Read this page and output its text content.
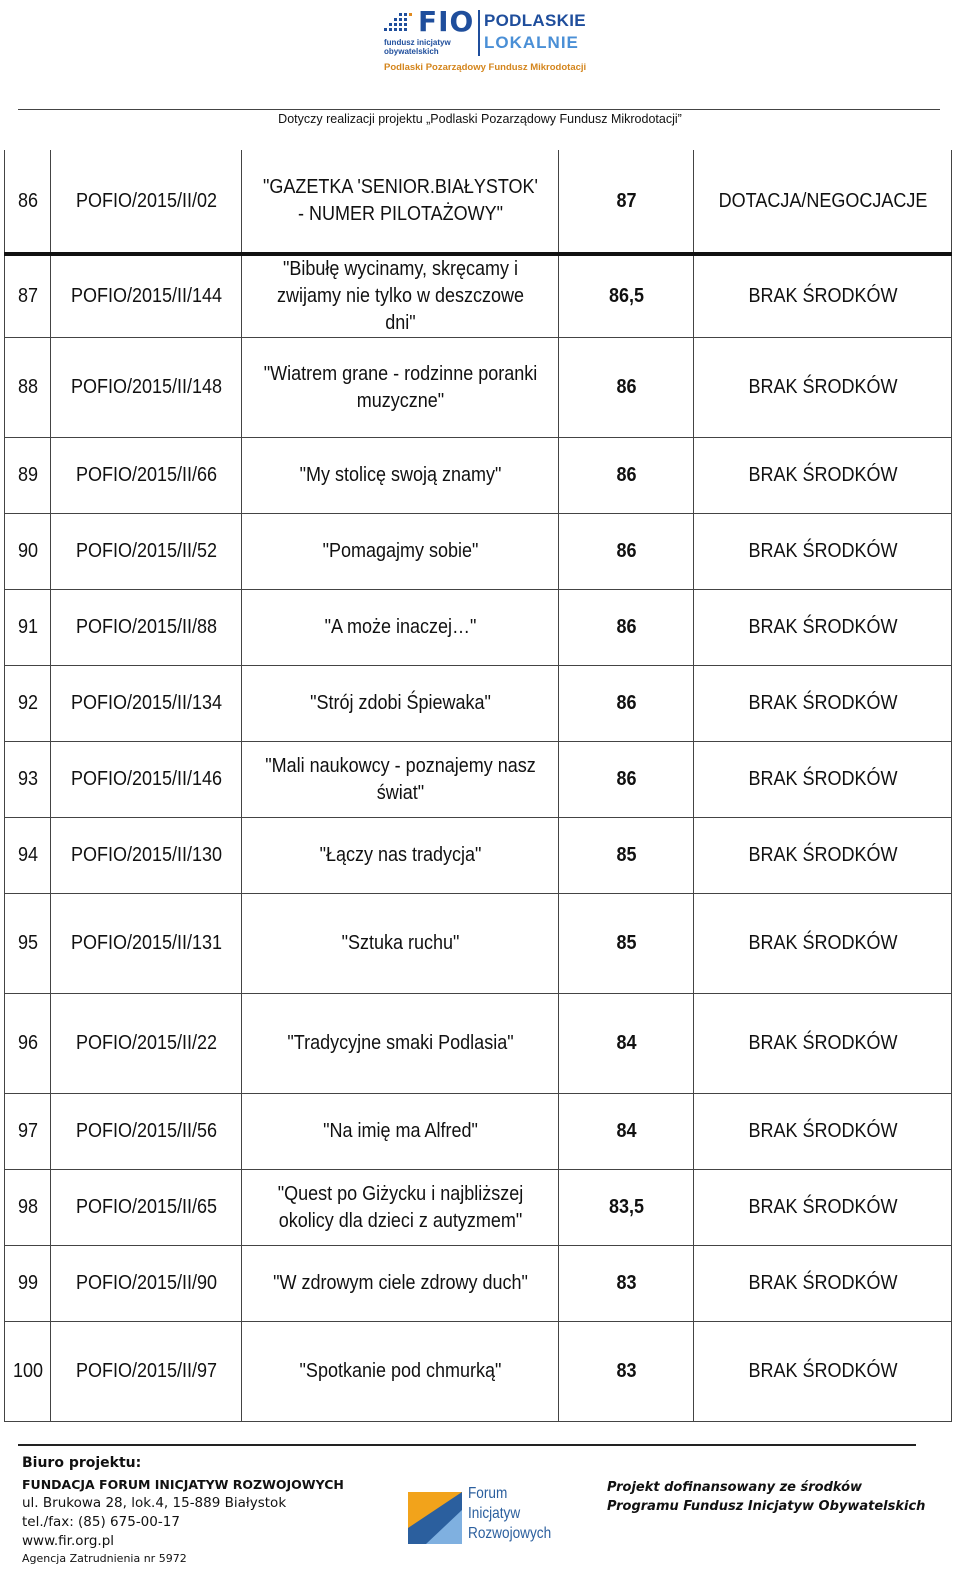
FIO
fundusz inicjatyw
obywatelskich
PODLASKIE
LOKALNIE
Podlaski Pozarządowy Fundusz Mikrodotacji
Dotyczy realizacji projektu „Podlaski Pozarządowy Fundusz Mikrodotacji”
86	POFIO/2015/II/02	"GAZETKA 'SENIOR.BIAŁYSTOK' - NUMER PILOTAŻOWY"	87	DOTACJA/NEGOCJACJE
87	POFIO/2015/II/144	"Bibułę wycinamy, skręcamy i zwijamy nie tylko w deszczowe dni"	86,5	BRAK ŚRODKÓW
88	POFIO/2015/II/148	"Wiatrem grane - rodzinne poranki muzyczne"	86	BRAK ŚRODKÓW
89	POFIO/2015/II/66	"My stolicę swoją znamy"	86	BRAK ŚRODKÓW
90	POFIO/2015/II/52	"Pomagajmy sobie"	86	BRAK ŚRODKÓW
91	POFIO/2015/II/88	"A może inaczej…"	86	BRAK ŚRODKÓW
92	POFIO/2015/II/134	"Strój zdobi Śpiewaka"	86	BRAK ŚRODKÓW
93	POFIO/2015/II/146	"Mali naukowcy - poznajemy nasz świat"	86	BRAK ŚRODKÓW
94	POFIO/2015/II/130	"Łączy nas tradycja"	85	BRAK ŚRODKÓW
95	POFIO/2015/II/131	"Sztuka ruchu"	85	BRAK ŚRODKÓW
96	POFIO/2015/II/22	"Tradycyjne smaki Podlasia"	84	BRAK ŚRODKÓW
97	POFIO/2015/II/56	"Na imię ma Alfred"	84	BRAK ŚRODKÓW
98	POFIO/2015/II/65	"Quest po Giżycku i najbliższej okolicy dla dzieci z autyzmem"	83,5	BRAK ŚRODKÓW
99	POFIO/2015/II/90	"W zdrowym ciele zdrowy duch"	83	BRAK ŚRODKÓW
100	POFIO/2015/II/97	"Spotkanie pod chmurką"	83	BRAK ŚRODKÓW
Biuro projektu:
FUNDACJA FORUM INICJATYW ROZWOJOWYCH
ul. Brukowa 28, lok.4, 15-889 Białystok
tel./fax: (85) 675-00-17
www.fir.org.pl
Agencja Zatrudnienia nr 5972
Forum
Inicjatyw
Rozwojowych
Projekt dofinansowany ze środków
Programu Fundusz Inicjatyw Obywatelskich
